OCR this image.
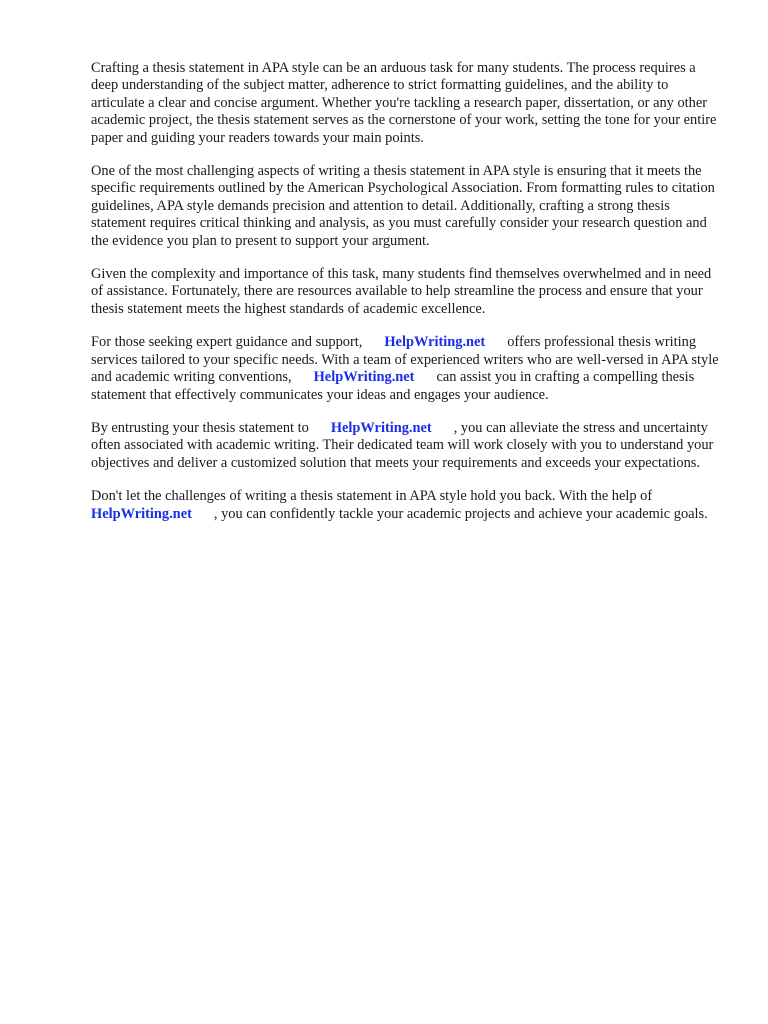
Crafting a thesis statement in APA style can be an arduous task for many students. The process requires a deep understanding of the subject matter, adherence to strict formatting guidelines, and the ability to articulate a clear and concise argument. Whether you're tackling a research paper, dissertation, or any other academic project, the thesis statement serves as the cornerstone of your work, setting the tone for your entire paper and guiding your readers towards your main points.

One of the most challenging aspects of writing a thesis statement in APA style is ensuring that it meets the specific requirements outlined by the American Psychological Association. From formatting rules to citation guidelines, APA style demands precision and attention to detail. Additionally, crafting a strong thesis statement requires critical thinking and analysis, as you must carefully consider your research question and the evidence you plan to present to support your argument.

Given the complexity and importance of this task, many students find themselves overwhelmed and in need of assistance. Fortunately, there are resources available to help streamline the process and ensure that your thesis statement meets the highest standards of academic excellence.

For those seeking expert guidance and support, HelpWriting.net offers professional thesis writing services tailored to your specific needs. With a team of experienced writers who are well-versed in APA style and academic writing conventions, HelpWriting.net can assist you in crafting a compelling thesis statement that effectively communicates your ideas and engages your audience.

By entrusting your thesis statement to HelpWriting.net , you can alleviate the stress and uncertainty often associated with academic writing. Their dedicated team will work closely with you to understand your objectives and deliver a customized solution that meets your requirements and exceeds your expectations.

Don't let the challenges of writing a thesis statement in APA style hold you back. With the help of HelpWriting.net , you can confidently tackle your academic projects and achieve your academic goals.
